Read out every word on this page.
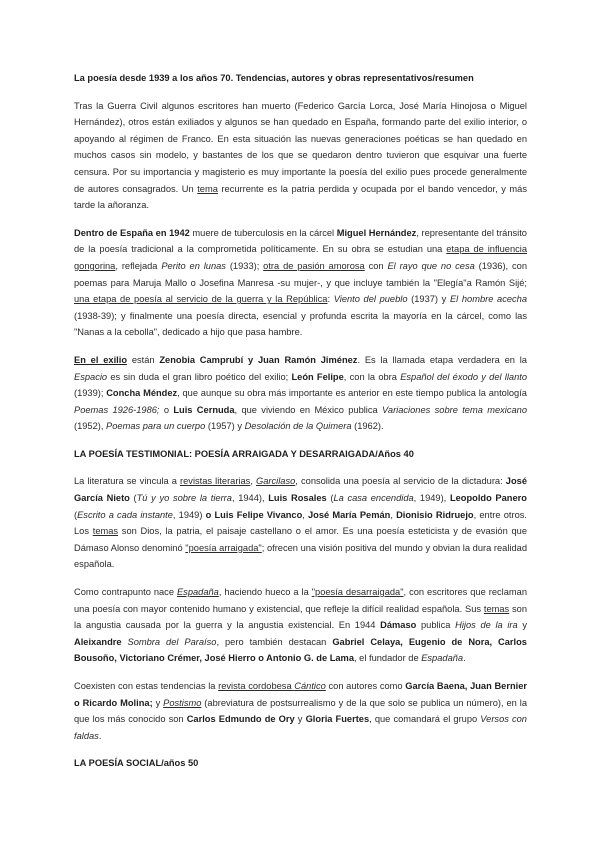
La poesía desde 1939 a los años 70. Tendencias, autores y obras representativos/resumen

Tras la Guerra Civil algunos escritores han muerto (Federico García Lorca, José María Hinojosa o Miguel Hernández), otros están exiliados y algunos se han quedado en España, formando parte del exilio interior, o apoyando al régimen de Franco. En esta situación las nuevas generaciones poéticas se han quedado en muchos casos sin modelo, y bastantes de los que se quedaron dentro tuvieron que esquivar una fuerte censura. Por su importancia y magisterio es muy importante la poesía del exilio pues procede generalmente de autores consagrados. Un tema recurrente es la patria perdida y ocupada por el bando vencedor, y más tarde la añoranza.

Dentro de España en 1942 muere de tuberculosis en la cárcel Miguel Hernández, representante del tránsito de la poesía tradicional a la comprometida políticamente. En su obra se estudian una etapa de influencia gongorina, reflejada Perito en lunas (1933); otra de pasión amorosa con El rayo que no cesa (1936), con poemas para Maruja Mallo o Josefina Manresa -su mujer-, y que incluye también la "Elegía"a Ramón Sijé; una etapa de poesía al servicio de la guerra y la República: Viento del pueblo (1937) y El hombre acecha (1938-39); y finalmente una poesía directa, esencial y profunda escrita la mayoría en la cárcel, como las "Nanas a la cebolla", dedicado a hijo que pasa hambre.

En el exilio están Zenobia Camprubí y Juan Ramón Jiménez. Es la llamada etapa verdadera en la Espacio es sin duda el gran libro poético del exilio; León Felipe, con la obra Español del éxodo y del llanto (1939); Concha Méndez, que aunque su obra más importante es anterior en este tiempo publica la antología Poemas 1926-1986; o Luis Cernuda, que viviendo en México publica Variaciones sobre tema mexicano (1952), Poemas para un cuerpo (1957) y Desolación de la Quimera (1962).

LA POESÍA TESTIMONIAL: POESÍA ARRAIGADA Y DESARRAIGADA/Años 40

La literatura se vincula a revistas literarias, Garcilaso, consolida una poesía al servicio de la dictadura: José García Nieto (Tú y yo sobre la tierra, 1944), Luis Rosales (La casa encendida, 1949), Leopoldo Panero (Escrito a cada instante, 1949) o Luis Felipe Vivanco, José María Pemán, Dionisio Ridruejo, entre otros. Los temas son Dios, la patria, el paisaje castellano o el amor. Es una poesía esteticista y de evasión que Dámaso Alonso denominó "poesía arraigada"; ofrecen una visión positiva del mundo y obvian la dura realidad española.

Como contrapunto nace Espadaña, haciendo hueco a la "poesía desarraigada", con escritores que reclaman una poesía con mayor contenido humano y existencial, que refleje la difícil realidad española. Sus temas son la angustia causada por la guerra y la angustia existencial. En 1944 Dámaso publica Hijos de la ira y Aleixandre Sombra del Paraíso, pero también destacan Gabriel Celaya, Eugenio de Nora, Carlos Bousoño, Victoriano Crémer, José Hierro o Antonio G. de Lama, el fundador de Espadaña.

Coexisten con estas tendencias la revista cordobesa Cántico con autores como García Baena, Juan Bernier o Ricardo Molina; y Postismo (abreviatura de postsurrealismo y de la que solo se publica un número), en la que los más conocido son Carlos Edmundo de Ory y Gloria Fuertes, que comandará el grupo Versos con faldas.

LA POESÍA SOCIAL/años 50
